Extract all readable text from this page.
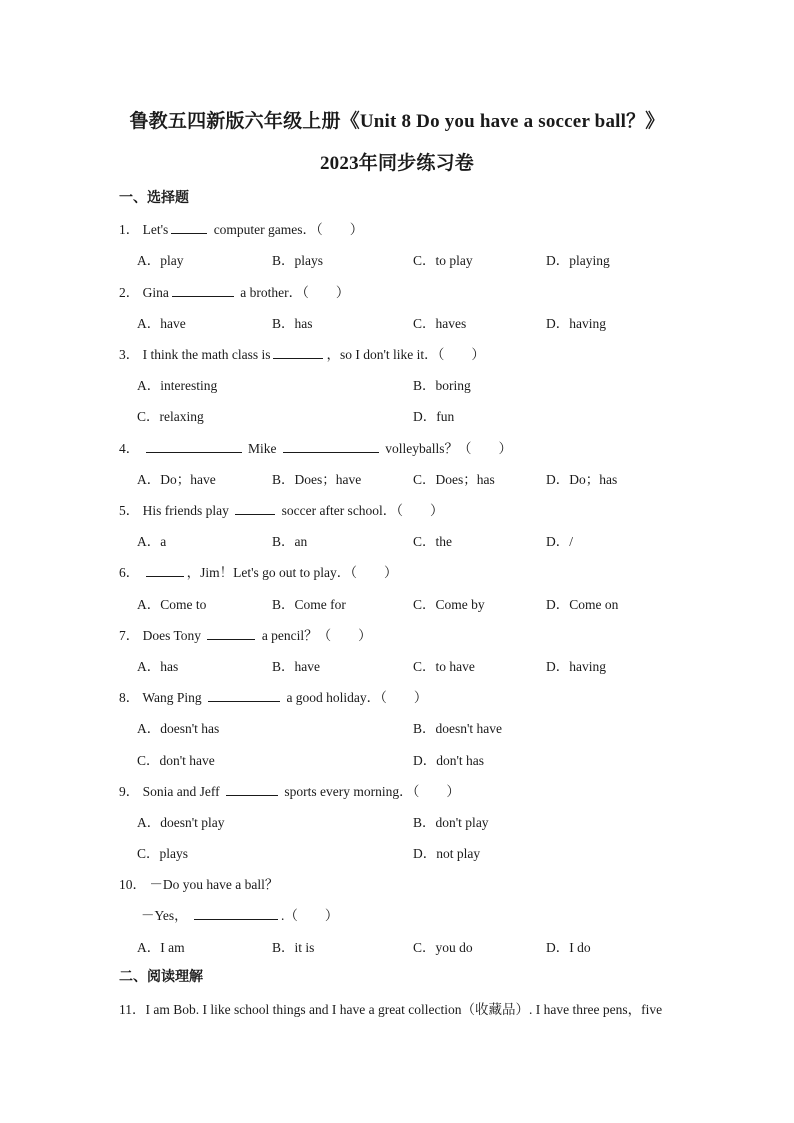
鲁教五四新版六年级上册《Unit 8 Do you have a soccer ball？》
2023年同步练习卷
一、选择题
1． Let's	computer games．（　　）
A．play	B．plays	C．to play	D．playing
2． Gina	a brother．（　　）
A．have	B．has	C．haves	D．having
3． I think the math class is	，so I don't like it．（　　）
A．interesting	B．boring
C．relaxing	D．fun
4．	Mike	volleyballs？（　　）
A．Do；have	B．Does；have	C．Does；has	D．Do；has
5． His friends play	soccer after school．（　　）
A．a	B．an	C．the	D．/
6．	，Jim！Let's go out to play．（　　）
A．Come to	B．Come for	C．Come by	D．Come on
7． Does Tony	a pencil？（　　）
A．has	B．have	C．to have	D．having
8． Wang Ping	a good holiday．（　　）
A．doesn't has	B．doesn't have
C．don't have	D．don't has
9． Sonia and Jeff	sports every morning．（　　）
A．doesn't play	B．don't play
C．plays	D．not play
10． －Do you have a ball？
－Yes，	.（　　）
A．I am	B．it is	C．you do	D．I do
二、阅读理解
11．I am Bob. I like school things and I have a great collection（收藏品）. I have three pens，five
